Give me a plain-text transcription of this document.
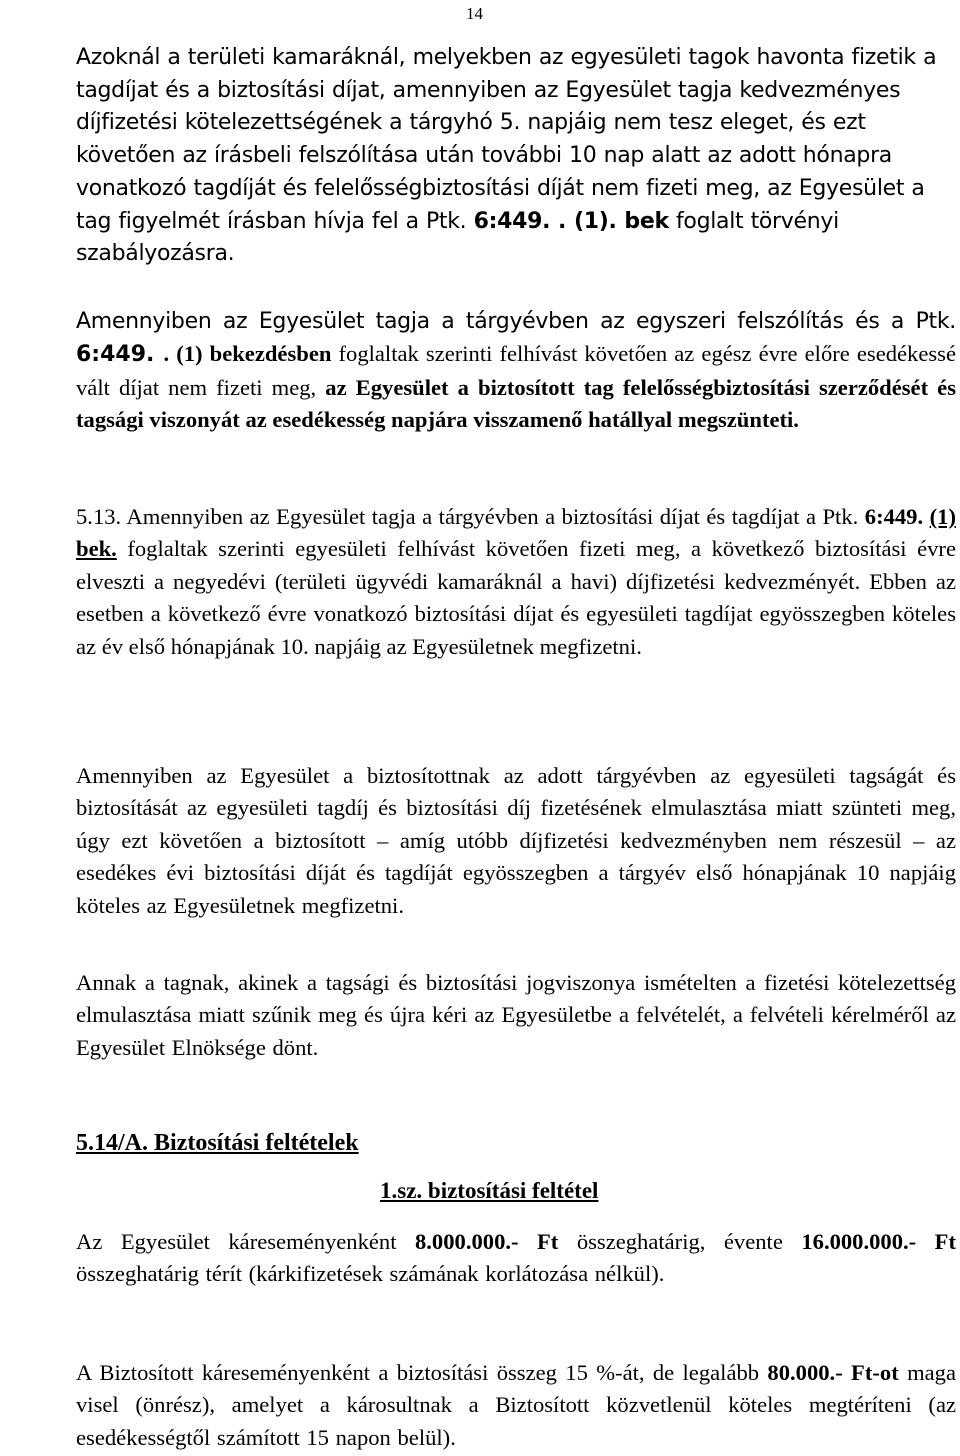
14

Azoknál a területi kamaráknál, melyekben az egyesületi tagok havonta fizetik a tagdíjat és a biztosítási díjat, amennyiben az Egyesület tagja kedvezményes díjfizetési kötelezettségének a tárgyhó 5. napjáig nem tesz eleget, és ezt követően az írásbeli felszólítása után további 10 nap alatt az adott hónapra vonatkozó tagdíját és felelősségbiztosítási díját nem fizeti meg, az Egyesület a tag figyelmét írásban hívja fel a Ptk. 6:449. . (1). bek foglalt törvényi szabályozásra.

Amennyiben az Egyesület tagja a tárgyévben az egyszeri felszólítás és a Ptk. 6:449. . (1) bekezdésben foglaltak szerinti felhívást követően az egész évre előre esedékessé vált díjat nem fizeti meg, az Egyesület a biztosított tag felelősségbiztosítási szerződését és tagsági viszonyát az esedékesség napjára visszamenő hatállyal megszünteti.

5.13. Amennyiben az Egyesület tagja a tárgyévben a biztosítási díjat és tagdíjat a Ptk. 6:449. (1) bek. foglaltak szerinti egyesületi felhívást követően fizeti meg, a következő biztosítási évre elveszti a negyedévi (területi ügyvédi kamaráknál a havi) díjfizetési kedvezményét. Ebben az esetben a következő évre vonatkozó biztosítási díjat és egyesületi tagdíjat egyösszegben köteles az év első hónapjának 10. napjáig az Egyesületnek megfizetni.

Amennyiben az Egyesület a biztosítottnak az adott tárgyévben az egyesületi tagságát és biztosítását az egyesületi tagdíj és biztosítási díj fizetésének elmulasztása miatt szünteti meg, úgy ezt követően a biztosított – amíg utóbb díjfizetési kedvezményben nem részesül – az esedékes évi biztosítási díját és tagdíját egyösszegben a tárgyév első hónapjának 10 napjáig köteles az Egyesületnek megfizetni.

Annak a tagnak, akinek a tagsági és biztosítási jogviszonya ismételten a fizetési kötelezettség elmulasztása miatt szűnik meg és újra kéri az Egyesületbe a felvételét, a felvételi kérelméről az Egyesület Elnöksége dönt.

5.14/A. Biztosítási feltételek
1.sz. biztosítási feltétel

Az Egyesület káreseményenként 8.000.000.- Ft összeghatárig, évente 16.000.000.- Ft összeghatárig térít (kárkifizetések számának korlátozása nélkül).

A Biztosított káreseményenként a biztosítási összeg 15 %-át, de legalább 80.000.- Ft-ot maga visel (önrész), amelyet a károsultnak a Biztosított közvetlenül köteles megtéríteni (az esedékességtől számított 15 napon belül).
